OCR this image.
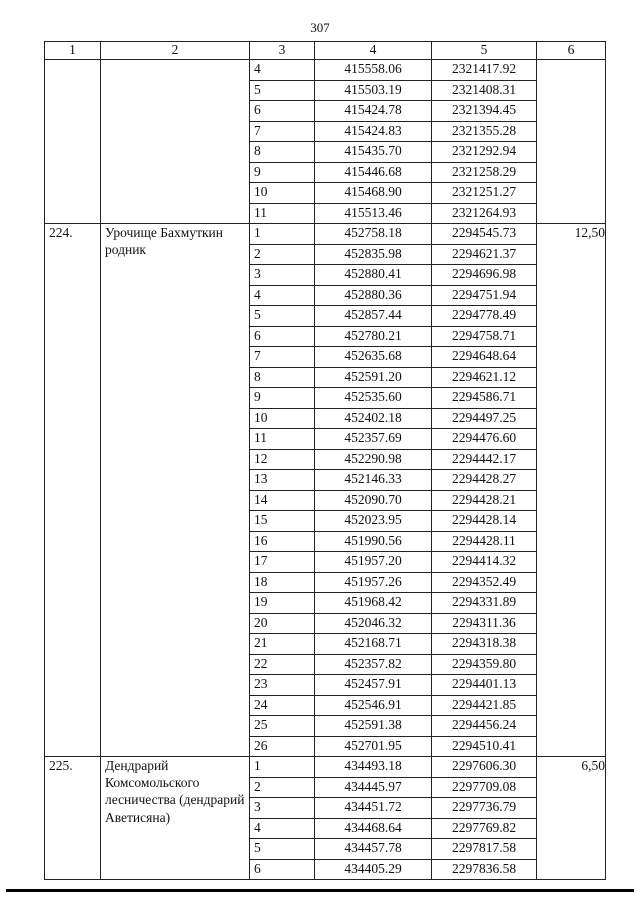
307
1	2	3	4	5	6
		4	415558.06	2321417.92	
		5	415503.19	2321408.31	
		6	415424.78	2321394.45	
		7	415424.83	2321355.28	
		8	415435.70	2321292.94	
		9	415446.68	2321258.29	
		10	415468.90	2321251.27	
		11	415513.46	2321264.93	
224.	Урочище Бахмуткин родник	1	452758.18	2294545.73	12,50
		2	452835.98	2294621.37	
		3	452880.41	2294696.98	
		4	452880.36	2294751.94	
		5	452857.44	2294778.49	
		6	452780.21	2294758.71	
		7	452635.68	2294648.64	
		8	452591.20	2294621.12	
		9	452535.60	2294586.71	
		10	452402.18	2294497.25	
		11	452357.69	2294476.60	
		12	452290.98	2294442.17	
		13	452146.33	2294428.27	
		14	452090.70	2294428.21	
		15	452023.95	2294428.14	
		16	451990.56	2294428.11	
		17	451957.20	2294414.32	
		18	451957.26	2294352.49	
		19	451968.42	2294331.89	
		20	452046.32	2294311.36	
		21	452168.71	2294318.38	
		22	452357.82	2294359.80	
		23	452457.91	2294401.13	
		24	452546.91	2294421.85	
		25	452591.38	2294456.24	
		26	452701.95	2294510.41	
225.	Дендрарий Комсомольского лесничества (дендрарий Аветисяна)	1	434493.18	2297606.30	6,50
		2	434445.97	2297709.08	
		3	434451.72	2297736.79	
		4	434468.64	2297769.82	
		5	434457.78	2297817.58	
		6	434405.29	2297836.58	
